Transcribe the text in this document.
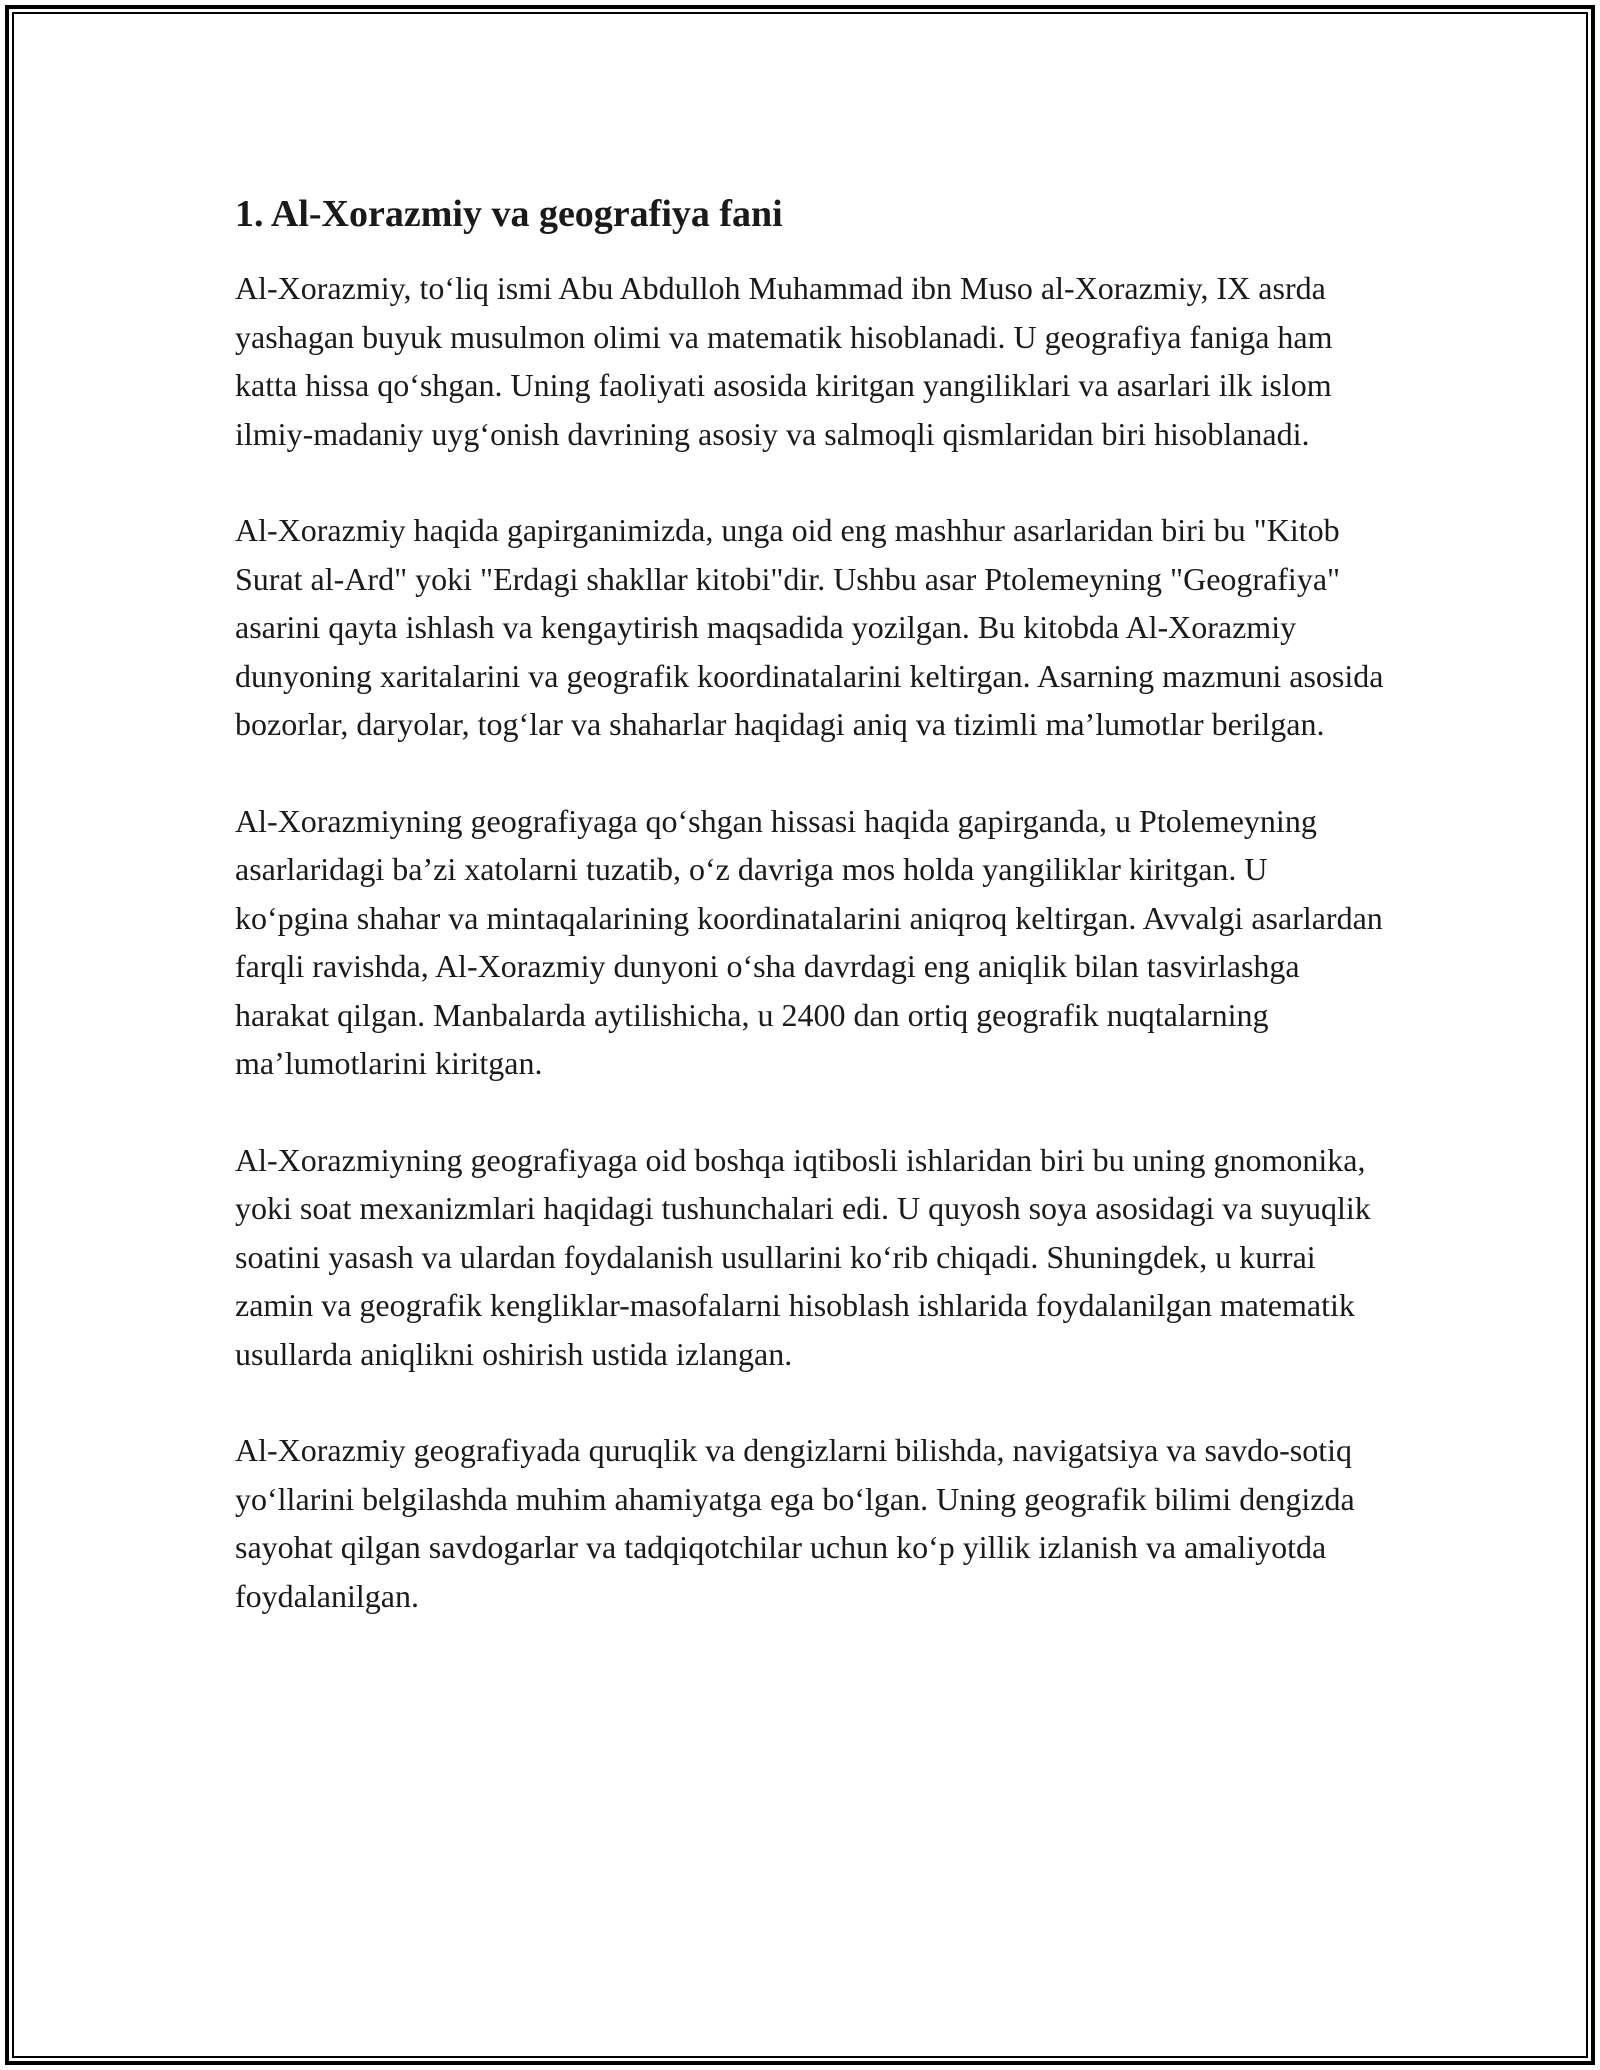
1. Al-Xorazmiy va geografiya fani

Al-Xorazmiy, to‘liq ismi Abu Abdulloh Muhammad ibn Muso al-Xorazmiy, IX asrda yashagan buyuk musulmon olimi va matematik hisoblanadi. U geografiya faniga ham katta hissa qo‘shgan. Uning faoliyati asosida kiritgan yangiliklari va asarlari ilk islom ilmiy-madaniy uyg‘onish davrining asosiy va salmoqli qismlaridan biri hisoblanadi.

Al-Xorazmiy haqida gapirganimizda, unga oid eng mashhur asarlaridan biri bu "Kitob Surat al-Ard" yoki "Erdagi shakllar kitobi"dir. Ushbu asar Ptolemeyning "Geografiya" asarini qayta ishlash va kengaytirish maqsadida yozilgan. Bu kitobda Al-Xorazmiy dunyoning xaritalarini va geografik koordinatalarini keltirgan. Asarning mazmuni asosida bozorlar, daryolar, tog‘lar va shaharlar haqidagi aniq va tizimli ma’lumotlar berilgan.

Al-Xorazmiyning geografiyaga qo‘shgan hissasi haqida gapirganda, u Ptolemeyning asarlaridagi ba’zi xatolarni tuzatib, o‘z davriga mos holda yangiliklar kiritgan. U ko‘pgina shahar va mintaqalarining koordinatalarini aniqroq keltirgan. Avvalgi asarlardan farqli ravishda, Al-Xorazmiy dunyoni o‘sha davrdagi eng aniqlik bilan tasvirlashga harakat qilgan. Manbalarda aytilishicha, u 2400 dan ortiq geografik nuqtalarning ma’lumotlarini kiritgan.

Al-Xorazmiyning geografiyaga oid boshqa iqtibosli ishlaridan biri bu uning gnomonika, yoki soat mexanizmlari haqidagi tushunchalari edi. U quyosh soya asosidagi va suyuqlik soatini yasash va ulardan foydalanish usullarini ko‘rib chiqadi. Shuningdek, u kurrai zamin va geografik kengliklar-masofalarni hisoblash ishlarida foydalanilgan matematik usullarda aniqlikni oshirish ustida izlangan.

Al-Xorazmiy geografiyada quruqlik va dengizlarni bilishda, navigatsiya va savdo-sotiq yo‘llarini belgilashda muhim ahamiyatga ega bo‘lgan. Uning geografik bilimi dengizda sayohat qilgan savdogarlar va tadqiqotchilar uchun ko‘p yillik izlanish va amaliyotda foydalanilgan.
